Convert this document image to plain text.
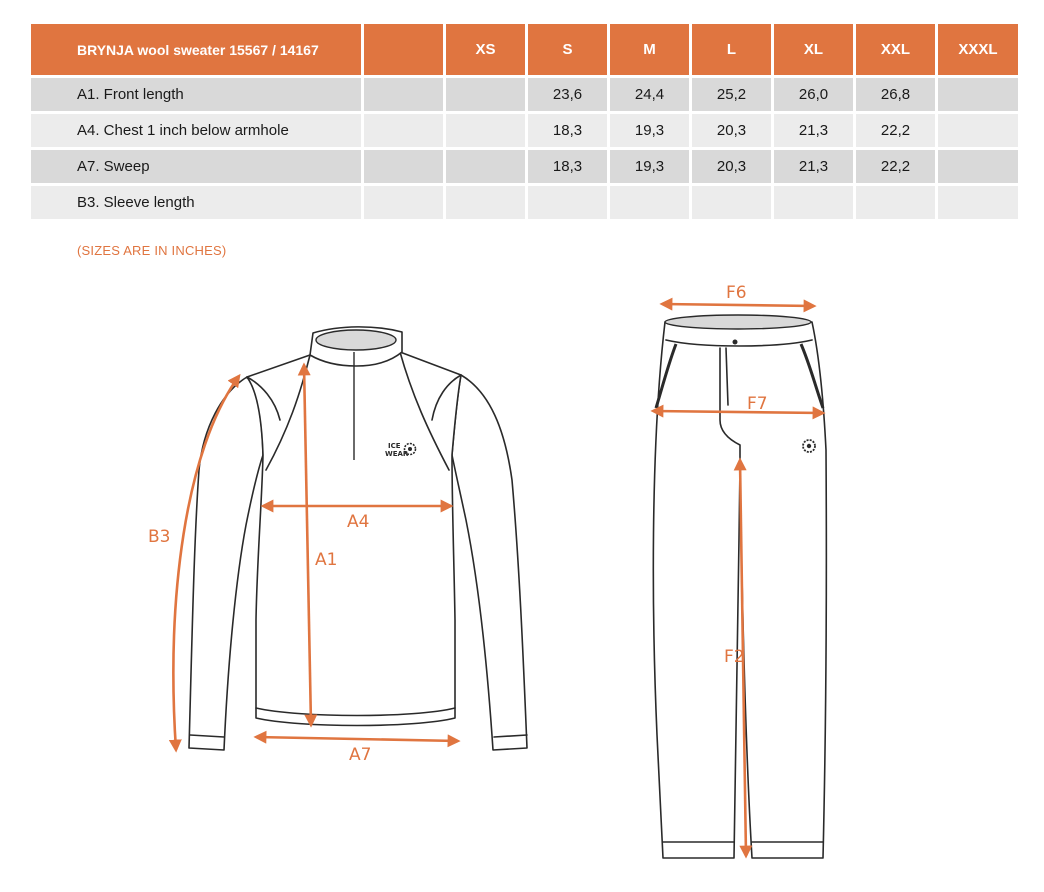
BRYNJA wool sweater 15567 / 14167		XS	S	M	L	XL	XXL	XXXL
A1. Front length			23,6	24,4	25,2	26,0	26,8	
A4. Chest 1 inch below armhole			18,3	19,3	20,3	21,3	22,2	
A7. Sweep			18,3	19,3	20,3	21,3	22,2	
B3. Sleeve length								
(SIZES ARE IN INCHES)
ICE
WEAR
A4
A1
A7
B3
F6
F7
F2
